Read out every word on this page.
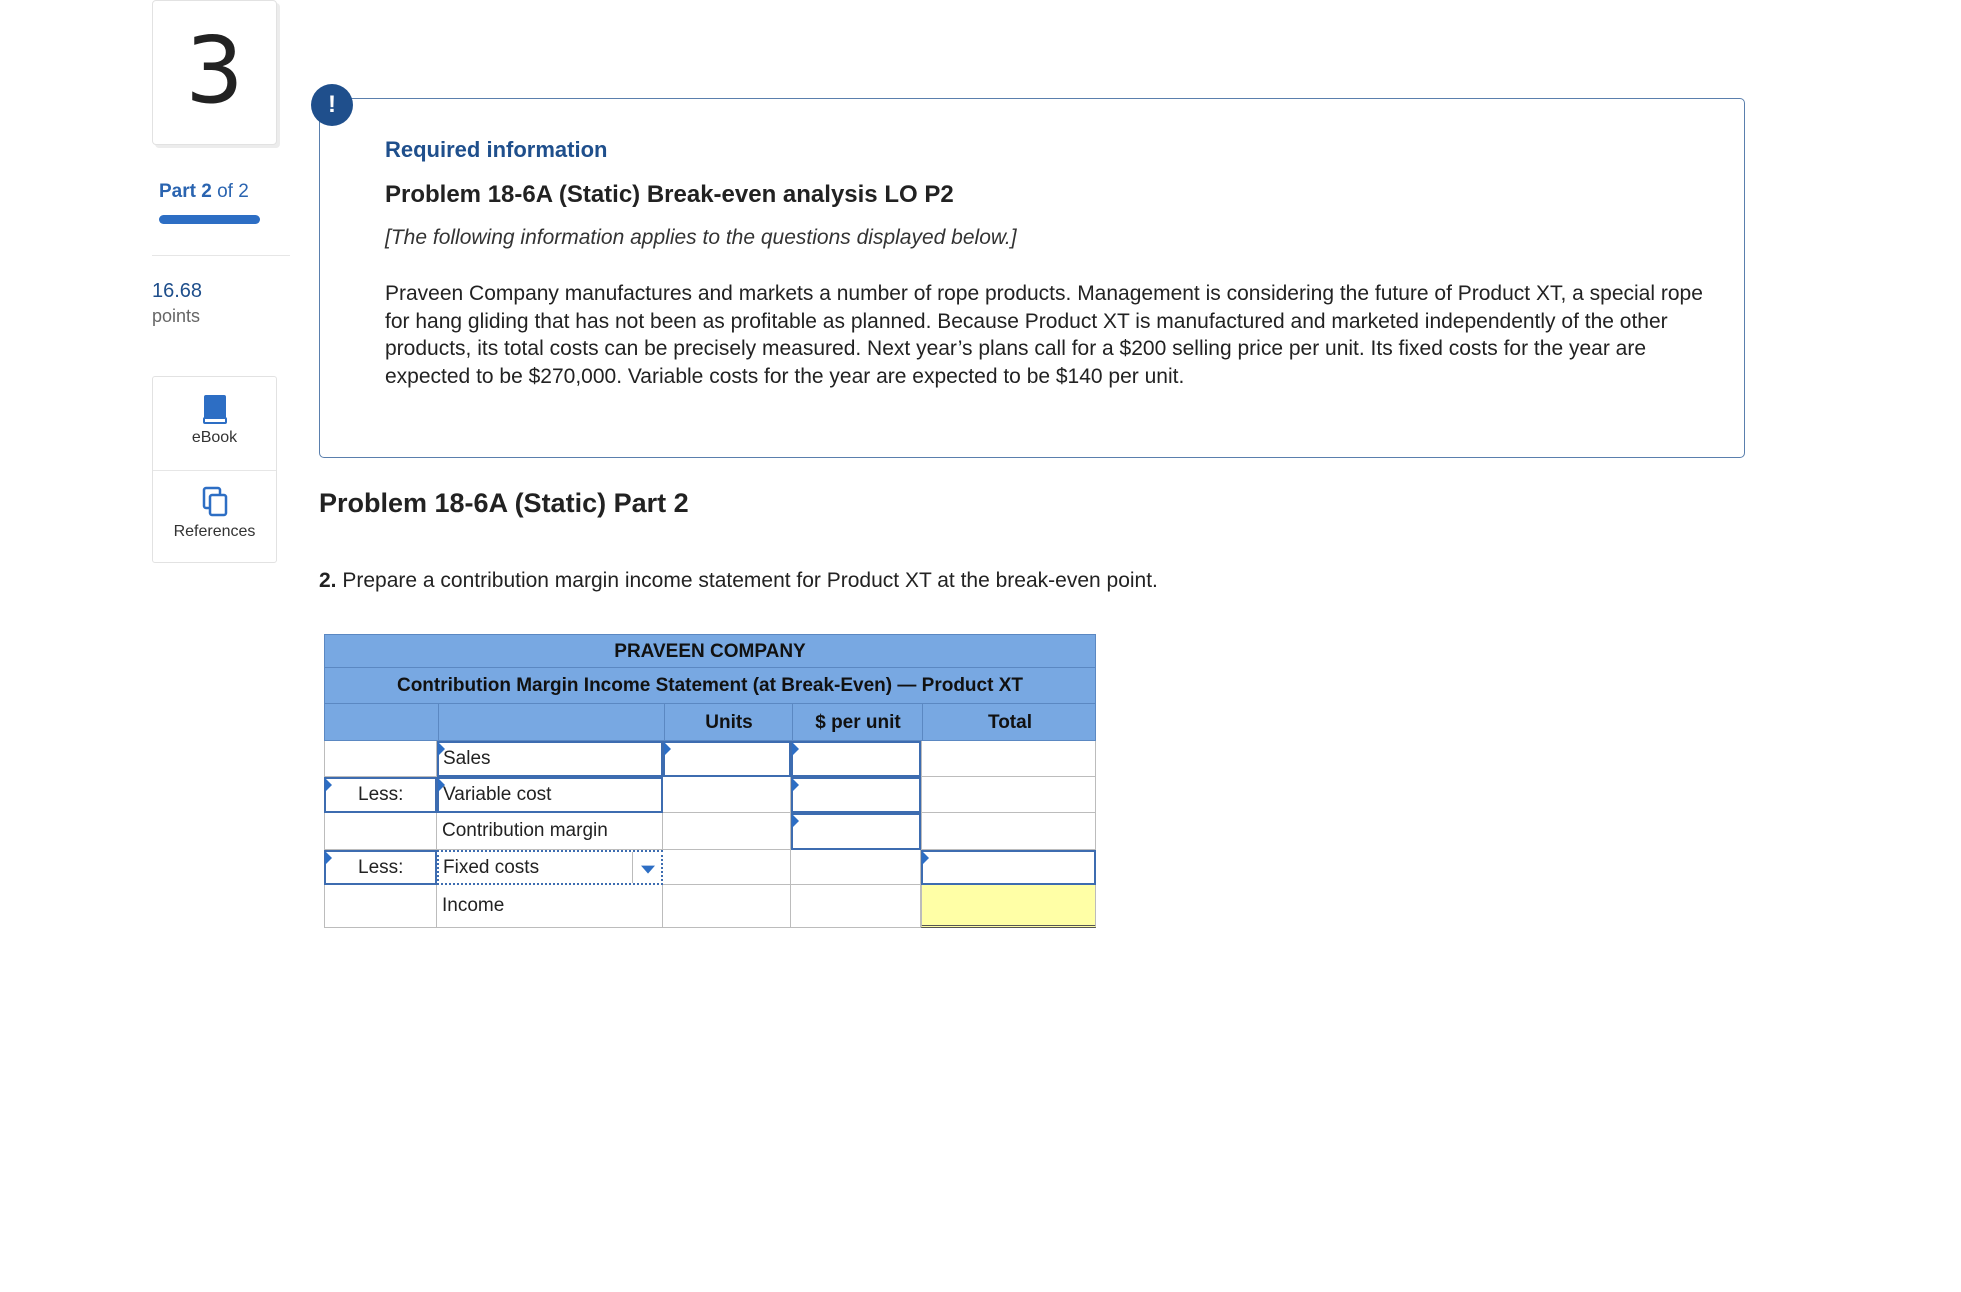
3
Part 2 of 2
16.68
points
eBook
References
!
Required information
Problem 18-6A (Static) Break-even analysis LO P2
[The following information applies to the questions displayed below.]
Praveen Company manufactures and markets a number of rope products. Management is considering the future of Product XT, a special rope for hang gliding that has not been as profitable as planned. Because Product XT is manufactured and marketed independently of the other products, its total costs can be precisely measured. Next year’s plans call for a $200 selling price per unit. Its fixed costs for the year are expected to be $270,000. Variable costs for the year are expected to be $140 per unit.
Problem 18-6A (Static) Part 2
2. Prepare a contribution margin income statement for Product XT at the break-even point.
PRAVEEN COMPANY
Contribution Margin Income Statement (at Break-Even) — Product XT
Units	$ per unit	Total
Sales
Less: Variable cost
Contribution margin
Less: Fixed costs
Income
